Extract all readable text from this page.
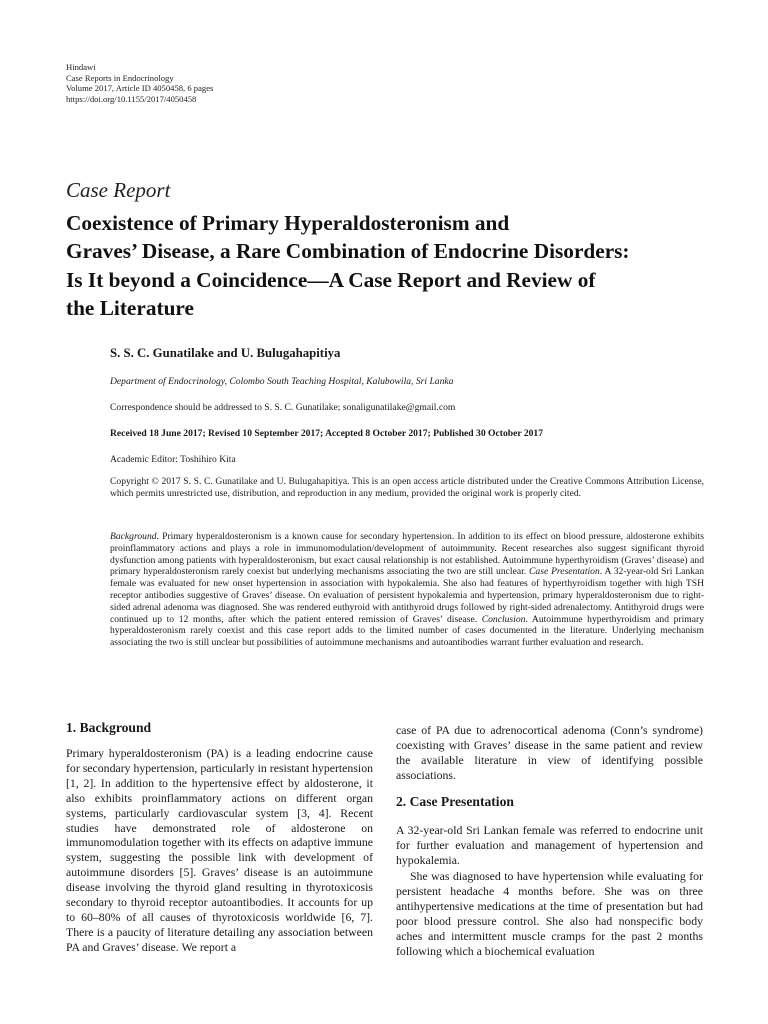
Hindawi
Case Reports in Endocrinology
Volume 2017, Article ID 4050458, 6 pages
https://doi.org/10.1155/2017/4050458
Case Report
Coexistence of Primary Hyperaldosteronism and
Graves’ Disease, a Rare Combination of Endocrine Disorders:
Is It beyond a Coincidence—A Case Report and Review of
the Literature
S. S. C. Gunatilake and U. Bulugahapitiya
Department of Endocrinology, Colombo South Teaching Hospital, Kalubowila, Sri Lanka
Correspondence should be addressed to S. S. C. Gunatilake; sonaligunatilake@gmail.com
Received 18 June 2017; Revised 10 September 2017; Accepted 8 October 2017; Published 30 October 2017
Academic Editor: Toshihiro Kita
Copyright © 2017 S. S. C. Gunatilake and U. Bulugahapitiya. This is an open access article distributed under the Creative Commons Attribution License, which permits unrestricted use, distribution, and reproduction in any medium, provided the original work is properly cited.
Background. Primary hyperaldosteronism is a known cause for secondary hypertension. In addition to its effect on blood pressure, aldosterone exhibits proinflammatory actions and plays a role in immunomodulation/development of autoimmunity. Recent researches also suggest significant thyroid dysfunction among patients with hyperaldosteronism, but exact causal relationship is not established. Autoimmune hyperthyroidism (Graves’ disease) and primary hyperaldosteronism rarely coexist but underlying mechanisms associating the two are still unclear. Case Presentation. A 32-year-old Sri Lankan female was evaluated for new onset hypertension in association with hypokalemia. She also had features of hyperthyroidism together with high TSH receptor antibodies suggestive of Graves’ disease. On evaluation of persistent hypokalemia and hypertension, primary hyperaldosteronism due to right-sided adrenal adenoma was diagnosed. She was rendered euthyroid with antithyroid drugs followed by right-sided adrenalectomy. Antithyroid drugs were continued up to 12 months, after which the patient entered remission of Graves’ disease. Conclusion. Autoimmune hyperthyroidism and primary hyperaldosteronism rarely coexist and this case report adds to the limited number of cases documented in the literature. Underlying mechanism associating the two is still unclear but possibilities of autoimmune mechanisms and autoantibodies warrant further evaluation and research.
1. Background

Primary hyperaldosteronism (PA) is a leading endocrine cause for secondary hypertension, particularly in resistant hypertension [1, 2]. In addition to the hypertensive effect by aldosterone, it also exhibits proinflammatory actions on different organ systems, particularly cardiovascular system [3, 4]. Recent studies have demonstrated role of aldosterone on immunomodulation together with its effects on adaptive immune system, suggesting the possible link with development of autoimmune disorders [5]. Graves’ disease is an autoimmune disease involving the thyroid gland resulting in thyrotoxicosis secondary to thyroid receptor autoantibodies. It accounts for up to 60–80% of all causes of thyrotoxicosis worldwide [6, 7]. There is a paucity of literature detailing any association between PA and Graves’ disease. We report a

case of PA due to adrenocortical adenoma (Conn’s syndrome) coexisting with Graves’ disease in the same patient and review the available literature in view of identifying possible associations.

2. Case Presentation

A 32-year-old Sri Lankan female was referred to endocrine unit for further evaluation and management of hypertension and hypokalemia.

She was diagnosed to have hypertension while evaluating for persistent headache 4 months before. She was on three antihypertensive medications at the time of presentation but had poor blood pressure control. She also had nonspecific body aches and intermittent muscle cramps for the past 2 months following which a biochemical evaluation
